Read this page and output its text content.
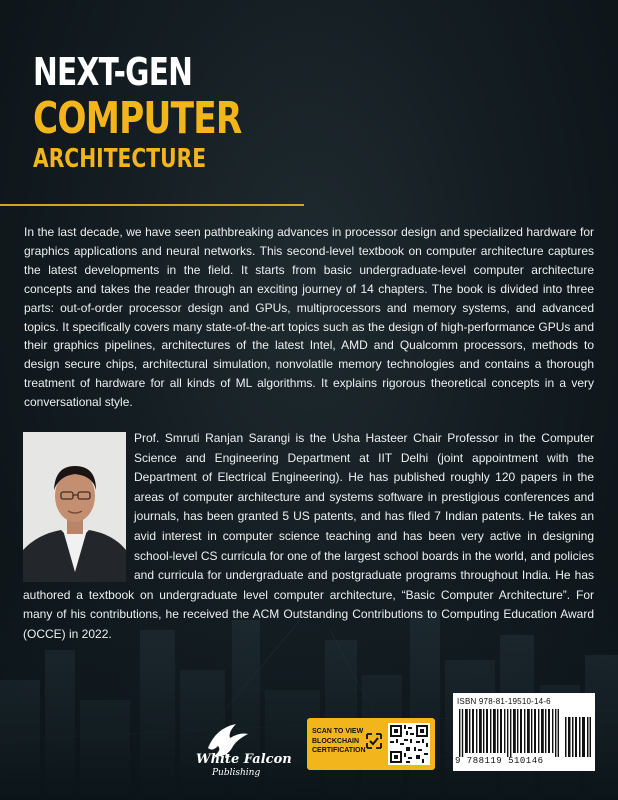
NEXT-GEN
COMPUTER
ARCHITECTURE
In the last decade, we have seen pathbreaking advances in processor design and specialized hardware for graphics applications and neural networks. This second-level textbook on computer architecture captures the latest developments in the field. It starts from basic undergraduate-level computer architecture concepts and takes the reader through an exciting journey of 14 chapters. The book is divided into three parts: out-of-order processor design and GPUs, multiprocessors and memory systems, and advanced topics. It specifically covers many state-of-the-art topics such as the design of high-performance GPUs and their graphics pipelines, architectures of the latest Intel, AMD and Qualcomm processors, methods to design secure chips, architectural simulation, nonvolatile memory technologies and contains a thorough treatment of hardware for all kinds of ML algorithms. It explains rigorous theoretical concepts in a very conversational style.
Prof. Smruti Ranjan Sarangi is the Usha Hasteer Chair Professor in the Computer Science and Engineering Department at IIT Delhi (joint appointment with the Department of Electrical Engineering). He has published roughly 120 papers in the areas of computer architecture and systems software in prestigious conferences and journals, has been granted 5 US patents, and has filed 7 Indian patents. He takes an avid interest in computer science teaching and has been very active in designing school-level CS curricula for one of the largest school boards in the world, and policies and curricula for undergraduate and postgraduate programs throughout India. He has authored a textbook on undergraduate level computer architecture, “Basic Computer Architecture”. For many of his contributions, he received the ACM Outstanding Contributions to Computing Education Award (OCCE) in 2022.
White Falcon
Publishing
SCAN TO VIEW BLOCKCHAIN CERTIFICATION
ISBN 978-81-19510-14-6
9 788119 510146
